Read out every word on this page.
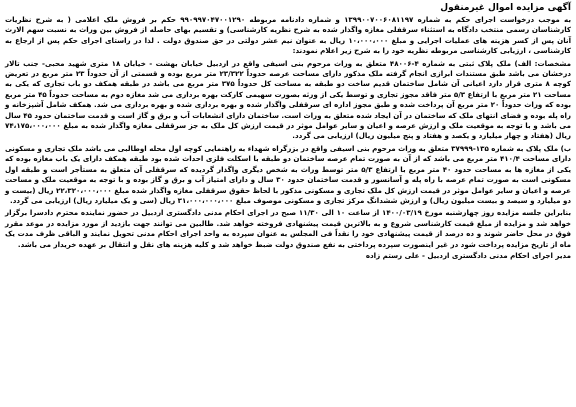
آگهی مزایده اموال غیرمنقول

به موجب درخواست اجرای حکم به شماره ۱۳۹۹۰۰۷۰۰۶۰۸۱۱۹۷ و شماره دادنامه مربوطه ۹۹۰۹۹۷۰۴۷۰۰۱۲۹۰ حکم بر فروش ملک اعلامی ( به شرح نظریات کارشناسان رسمی منتخب دادگاه به استثناء سرقفلی مغازه واگذار شده به شرح نظریه کارشناسی) و تقسیم بهای حاصله از فروش بین وراث به نسبت سهم الارث آنان پس از کسر هزینه های عملیات اجرایی و مبلغ ۱۰،۰۰۰،۰۰۰ ریال به عنوان نیم عشر دولتی در حق صندوق دولت . لذا در راستای اجرای حکم پس از ارجاع به کارشناسی ، ارزیابی کارشناسی مربوطه نظریه خود را به شرح زیر اعلام نمودند:

مشخصات: الف) ملک پلاک ثبتی به شماره ۴-۴۸۰۰۶ متعلق به وراث مرحوم بنی اسیفی واقع در اردبیل خیابان بهشت - خیابان ۱۸ متری شهید محبی- جنب تالار درخشان می باشد طبق مستندات ابرازی انجام گرفته ملک مذکور دارای مساحت عرصه حدوداً ۲۳/۳۲۲ متر مربع بوده و قسمتی از آن حدوداً ۲۳ متر مربع در تعریض کوچه ۸ متری قرار دارد اعیانی آن شامل ساختمان قدیم ساخت دو طبقه به مساحت کل حدوداً ۳۷۵ متر مربع می باشد در طبقه همکف دو باب تجاری که یکی به مساحت ۲۱ متر مربع با ارتفاع ۵/۳ متر فاقد مجوز تجاری و توسط یکی از ورثه بصورت سهیمی کارکت بهره برداری می شد مغازه دوم به مساحت حدوداً ۴۵ متر مربع بوده که وراث حدوداً ۲۰ متر مربع آن پرداخت شده و طبق مجوز اداره ای سرقفلی واگذار شده و بهره برداری شده و بهره برداری می شد. همکف شامل آشپزخانه و راه پله بوده و فضای انتهای ملک که ساختمان در آن ایجاد شده متعلق به وراث است. ساختمان دارای انشعابات آب و برق و گاز است و قدمت ساختمان حدود ۴۵ سال می باشد و با توجه به موقعیت ملک و ارزش عرصه و اعیان و سایر عوامل موثر در قیمت ارزش کل ملک به جز سرقفلی مغازه واگذار شده به مبلغ ۷۴،۱۷۵،۰۰۰،۰۰۰ ریال (هفتاد و چهار میلیارد و یکصد و هفتاد و پنج میلیون ریال) ارزیابی می گردد.

ب) ملک پلاک به شماره ۱۳۵-۳۷۹۹۹ متعلق به وراث مرحوم بنی اسیفی واقع در بزرگراه شهداء به راهنمایی کوچه اول محله اوطالبی می باشد ملک تجاری و مسکونی دارای مساحت ۴۱۰/۴ متر مربع می باشد که از آن به صورت تمام عرصه ساختمان دو طبقه با اسکلت فلزی احداث شده بود طبقه همکف دارای یک باب مغازه بوده که یکی از مغازه ها به مساحت حدود ۴۰ متر مربع با ارتفاع ۵/۳ متر توسط وراث به شخص دیگری واگذار گردیده که سرقفلی آن متعلق به مستأجر است و طبقه اول مسکونی است به صورت تمام عرصه با راه پله و آسانسور و قدمت ساختمان حدود ۳۰ سال و دارای امتیاز آب و برق و گاز بوده و با توجه به موقعیت ملک و مساحت عرصه و اعیان و سایر عوامل موثر در قیمت ارزش کل ملک تجاری و مسکونی مذکور با لحاظ حقوق سرقفلی مغازه واگذار شده مبلغ ۲۲،۳۲۰،۰۰۰،۰۰۰ ریال (بیست و دو میلیارد و سیصد و بیست میلیون ریال) و ارزش ششدانگ مرکز تجاری و مسکونی موصوف مبلغ ۳۱،۰۰۰،۰۰۰،۰۰۰ ریال (سی و یک میلیارد ریال) ارزیابی می گردد.

بنابراین جلسه مزایده روز چهارشنبه مورخ ۱۴۰۰/۰۳/۱۹ از ساعت ۱۰ الی ۱۱/۳۰ صبح در اجرای احکام مدنی دادگستری اردبیل در حضور نماینده محترم دادسرا برگزار خواهد شد و مزایده از مبلغ قیمت کارشناسی شروع و به بالاترین قیمت پیشنهادی فروخته خواهد شد. طالبین می توانند جهت بازدید از مورد مزایده در موعد مقرر فوق در محل حاضر شوند و ده درصد از قیمت پیشنهادی خود را نقداً فی المجلس به عنوان سپرده به واحد اجرای احکام مدنی تحویل نمایند و الباقی ظرف مدت یک ماه از تاریخ مزایده پرداخت شود در غیر اینصورت سپرده پرداختی به نفع صندوق دولت ضبط خواهد شد و کلیه هزینه های نقل و انتقال بر عهده خریدار می باشد.

مدیر اجرای احکام مدنی دادگستری اردبیل - علی رستم زاده
